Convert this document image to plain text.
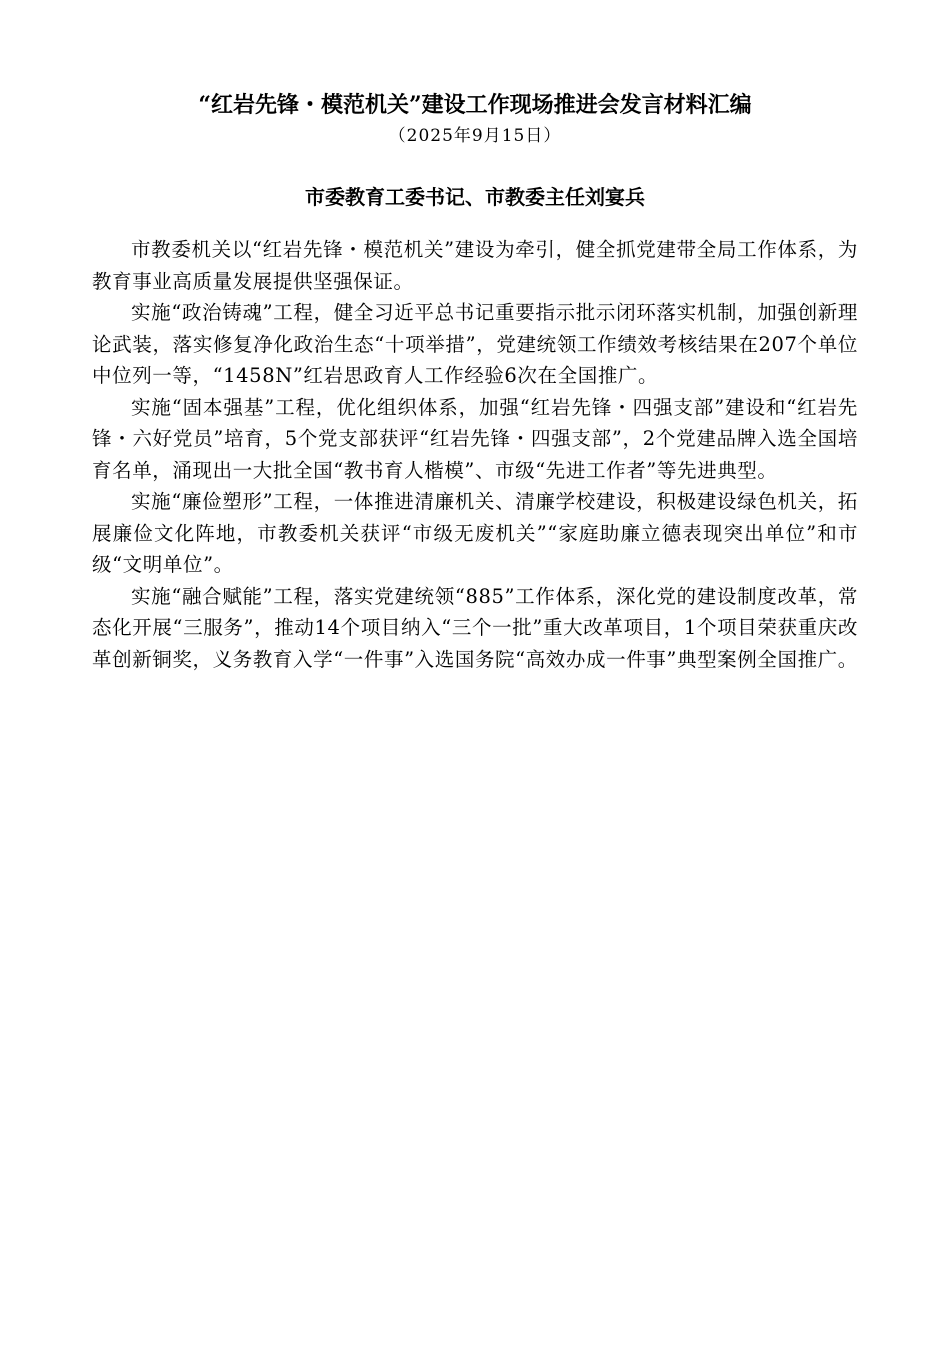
“红岩先锋・模范机关”建设工作现场推进会发言材料汇编
（2025年9月15日）
市委教育工委书记、市教委主任刘宴兵

市教委机关以“红岩先锋・模范机关”建设为牵引，健全抓党建带全局工作体系，为教育事业高质量发展提供坚强保证。

实施“政治铸魂”工程，健全习近平总书记重要指示批示闭环落实机制，加强创新理论武装，落实修复净化政治生态“十项举措”，党建统领工作绩效考核结果在207个单位中位列一等，“1458N”红岩思政育人工作经验6次在全国推广。

实施“固本强基”工程，优化组织体系，加强“红岩先锋・四强支部”建设和“红岩先锋・六好党员”培育，5个党支部获评“红岩先锋・四强支部”，2个党建品牌入选全国培育名单，涌现出一大批全国“教书育人楷模”、市级“先进工作者”等先进典型。

实施“廉俭塑形”工程，一体推进清廉机关、清廉学校建设，积极建设绿色机关，拓展廉俭文化阵地，市教委机关获评“市级无废机关”“家庭助廉立德表现突出单位”和市级“文明单位”。

实施“融合赋能”工程，落实党建统领“885”工作体系，深化党的建设制度改革，常态化开展“三服务”，推动14个项目纳入“三个一批”重大改革项目，1个项目荣获重庆改革创新铜奖，义务教育入学“一件事”入选国务院“高效办成一件事”典型案例全国推广。
